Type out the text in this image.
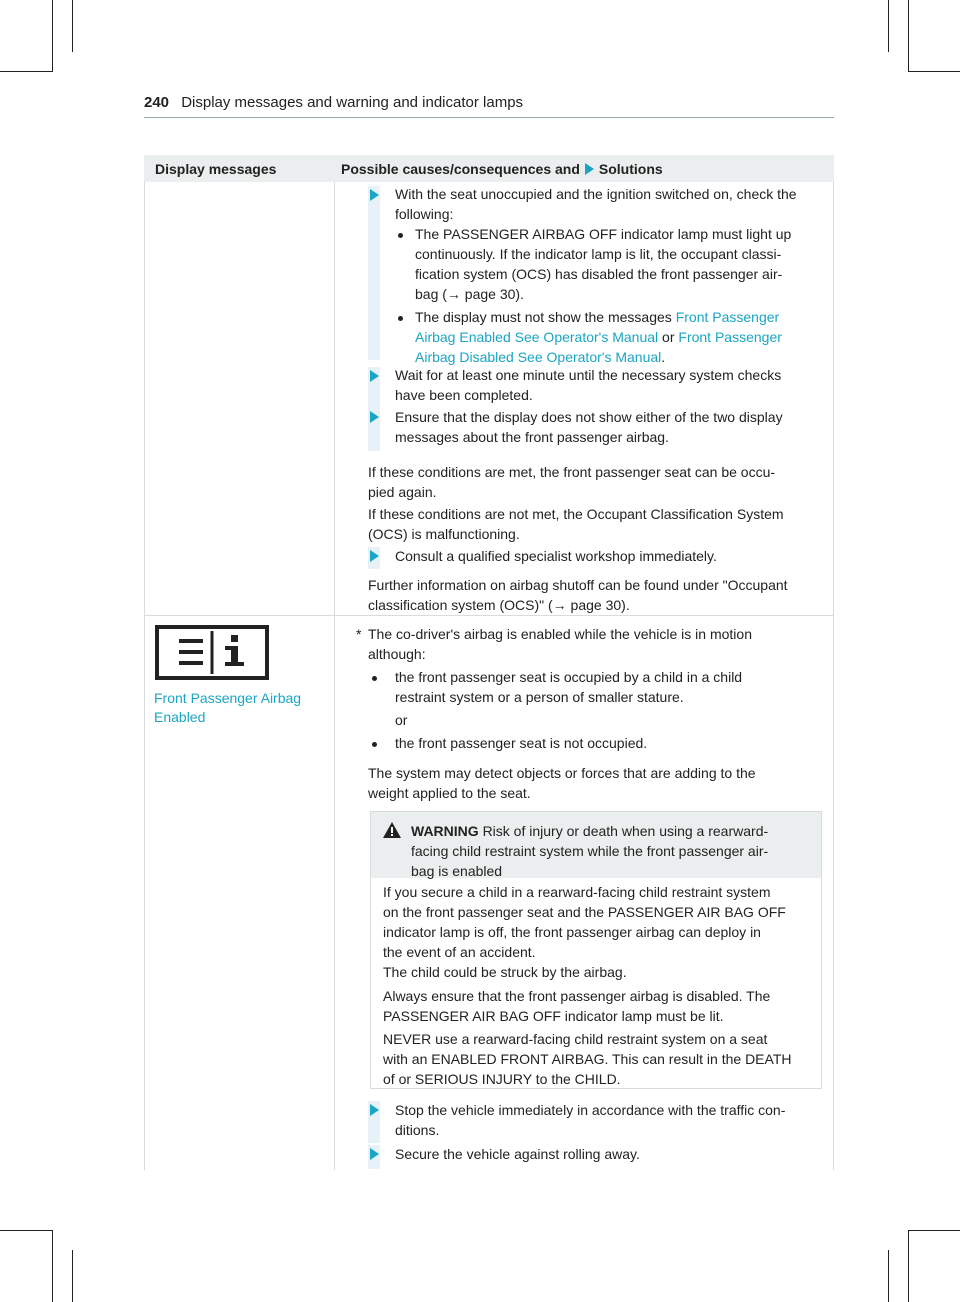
240 Display messages and warning and indicator lamps
Display messages	Possible causes/consequences and Solutions
With the seat unoccupied and the ignition switched on, check the following:
The PASSENGER AIRBAG OFF indicator lamp must light up
continuously. If the indicator lamp is lit, the occupant classi-
fication system (OCS) has disabled the front passenger air-
bag (→ page 30).
The display must not show the messages Front Passenger
Airbag Enabled See Operator's Manual or Front Passenger
Airbag Disabled See Operator's Manual.
Wait for at least one minute until the necessary system checks
have been completed.
Ensure that the display does not show either of the two display
messages about the front passenger airbag.
If these conditions are met, the front passenger seat can be occu-
pied again.
If these conditions are not met, the Occupant Classification System
(OCS) is malfunctioning.
Consult a qualified specialist workshop immediately.
Further information on airbag shutoff can be found under "Occupant
classification system (OCS)" (→ page 30).
Front Passenger Airbag
Enabled
* The co-driver's airbag is enabled while the vehicle is in motion
although:
the front passenger seat is occupied by a child in a child
restraint system or a person of smaller stature.
or
the front passenger seat is not occupied.
The system may detect objects or forces that are adding to the
weight applied to the seat.
WARNING Risk of injury or death when using a rearward-
facing child restraint system while the front passenger air-
bag is enabled
If you secure a child in a rearward-facing child restraint system
on the front passenger seat and the PASSENGER AIR BAG OFF
indicator lamp is off, the front passenger airbag can deploy in
the event of an accident.
The child could be struck by the airbag.
Always ensure that the front passenger airbag is disabled. The
PASSENGER AIR BAG OFF indicator lamp must be lit.
NEVER use a rearward-facing child restraint system on a seat
with an ENABLED FRONT AIRBAG. This can result in the DEATH
of or SERIOUS INJURY to the CHILD.
Stop the vehicle immediately in accordance with the traffic con-
ditions.
Secure the vehicle against rolling away.
